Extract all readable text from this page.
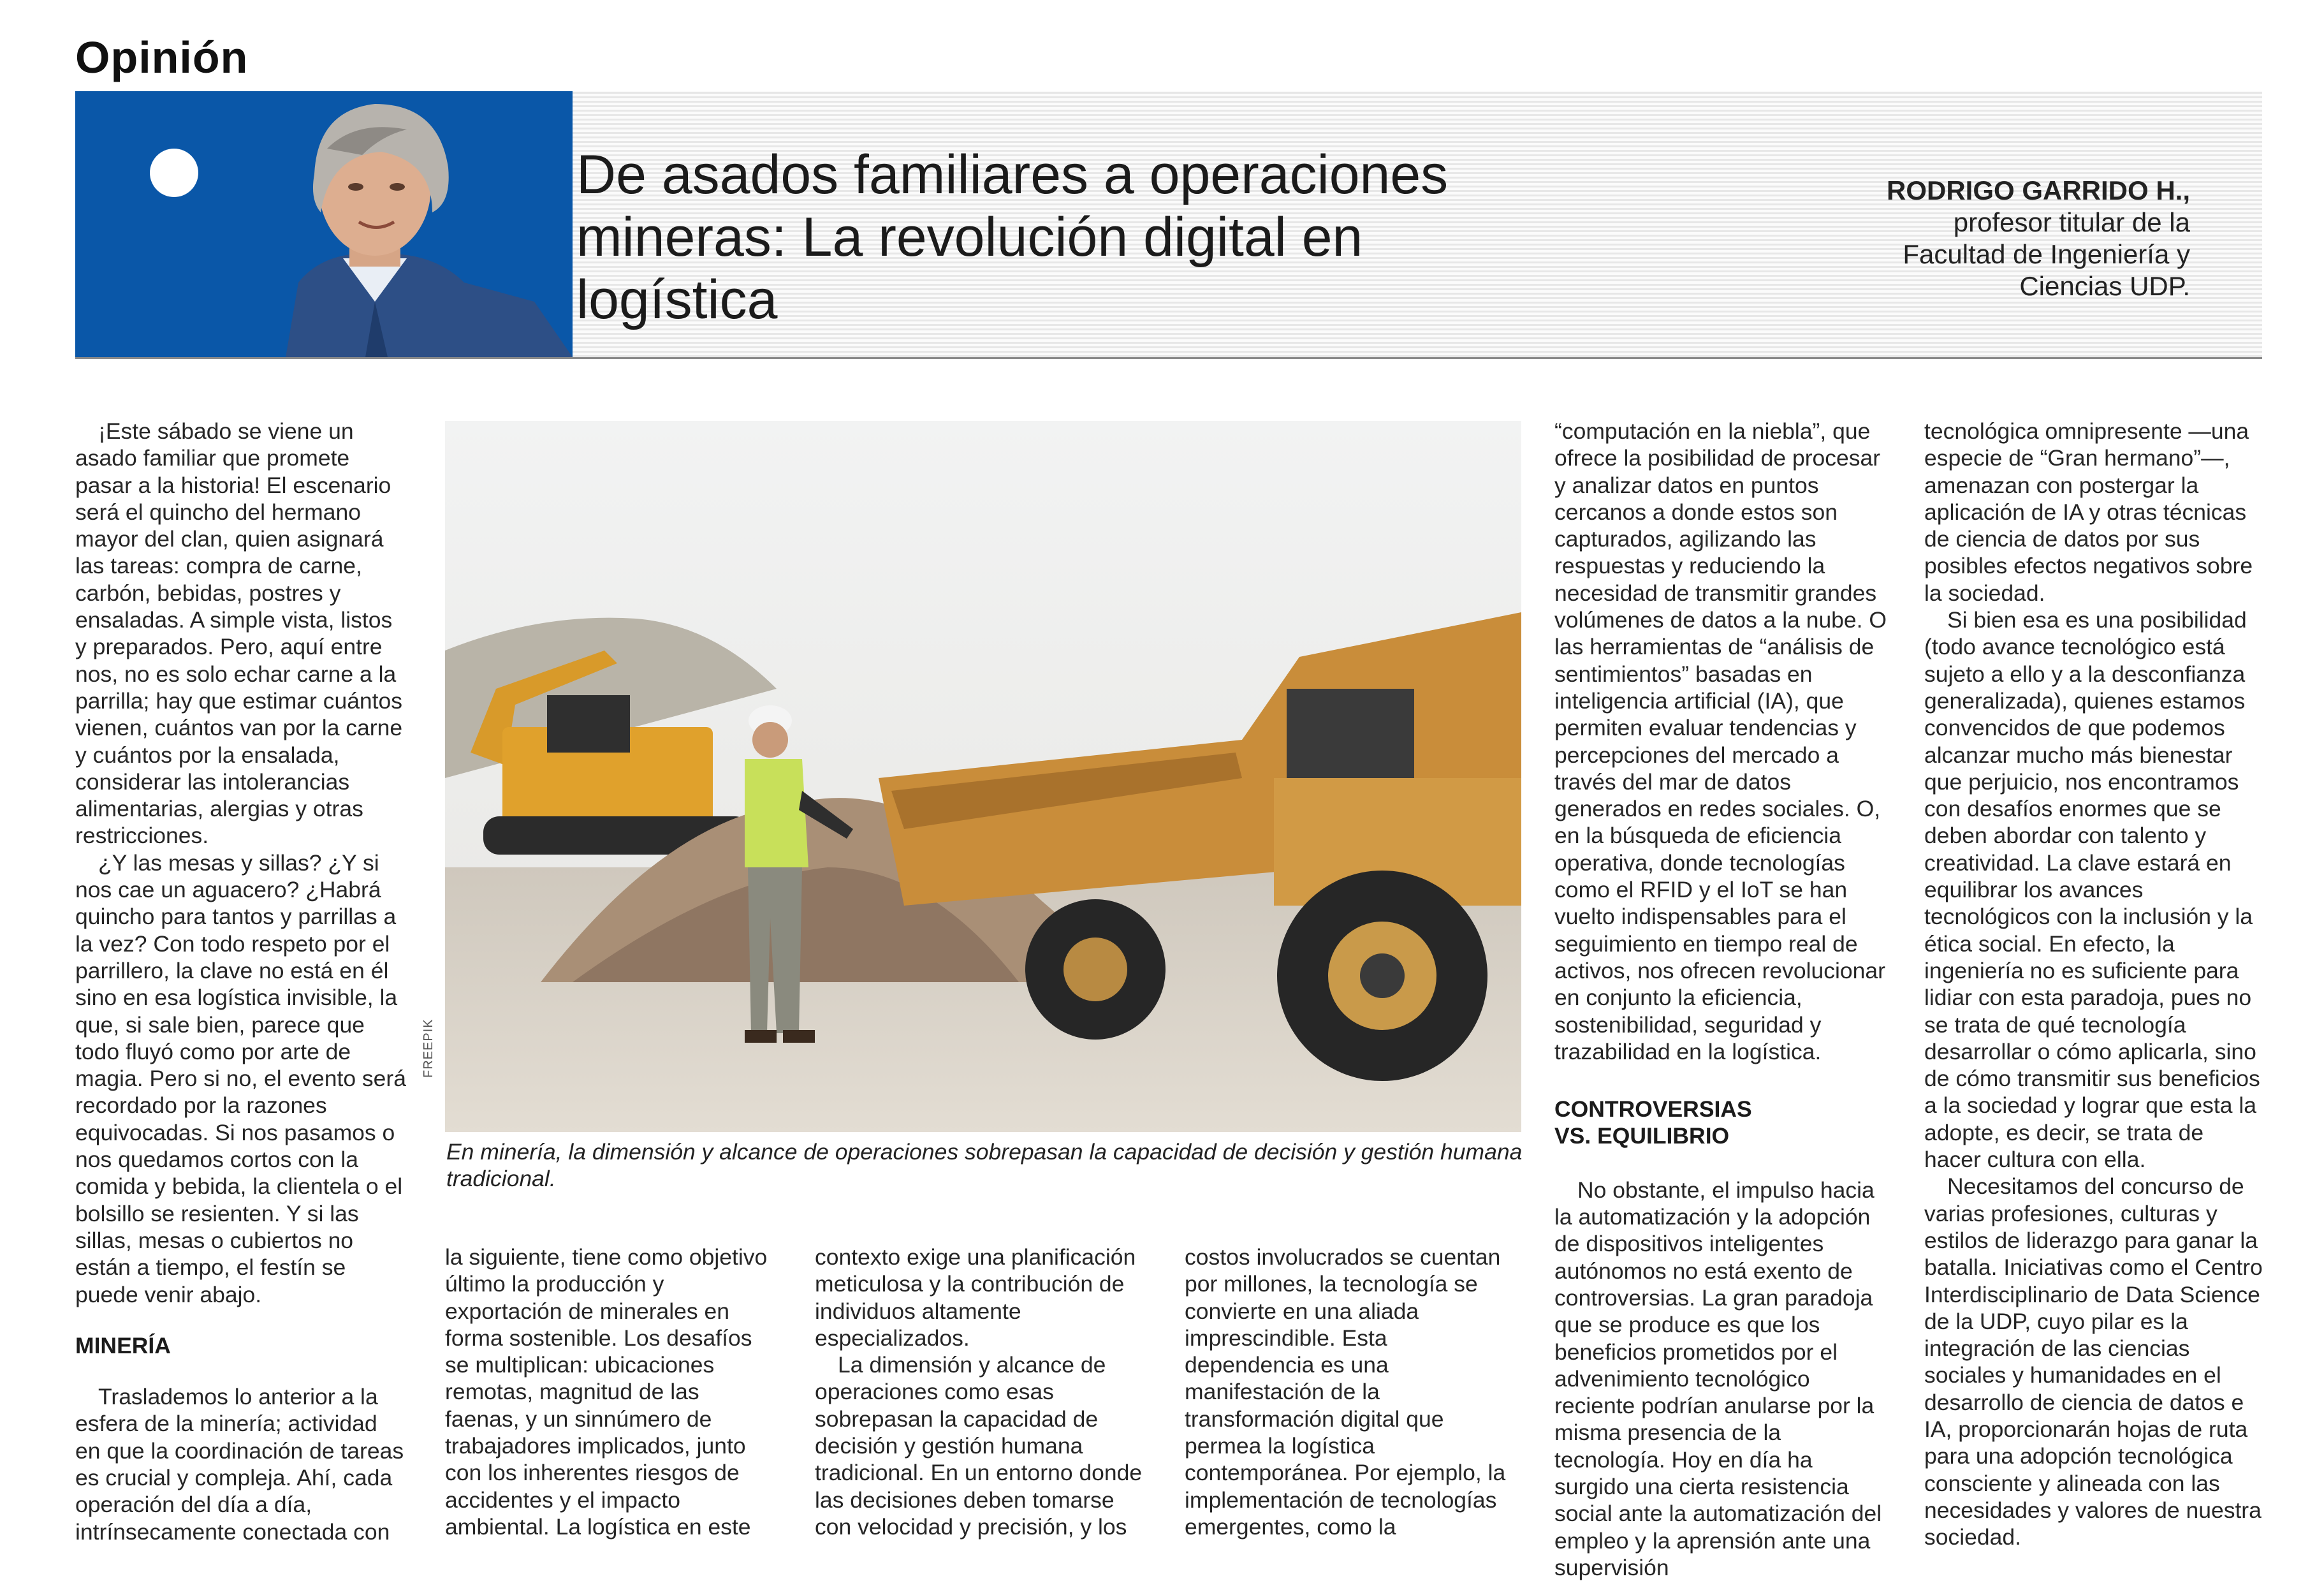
Opinión
De asados familiares a operaciones mineras: La revolución digital en logística
RODRIGO GARRIDO H.,
profesor titular de la Facultad de Ingeniería y Ciencias UDP.

¡Este sábado se viene un asado familiar que promete pasar a la historia! El escenario será el quincho del hermano mayor del clan, quien asignará las tareas: compra de carne, carbón, bebidas, postres y ensaladas. A simple vista, listos y preparados. Pero, aquí entre nos, no es solo echar carne a la parrilla; hay que estimar cuántos vienen, cuántos van por la carne y cuántos por la ensalada, considerar las intolerancias alimentarias, alergias y otras restricciones.

¿Y las mesas y sillas? ¿Y si nos cae un aguacero? ¿Habrá quincho para tantos y parrillas a la vez? Con todo respeto por el parrillero, la clave no está en él sino en esa logística invisible, la que, si sale bien, parece que todo fluyó como por arte de magia. Pero si no, el evento será recordado por la razones equivocadas. Si nos pasamos o nos quedamos cortos con la comida y bebida, la clientela o el bolsillo se resienten. Y si las sillas, mesas o cubiertos no están a tiempo, el festín se puede venir abajo.

MINERÍA

Traslademos lo anterior a la esfera de la minería; actividad en que la coordinación de tareas es crucial y compleja. Ahí, cada operación del día a día, intrínsecamente conectada con

FREEPIK
En minería, la dimensión y alcance de operaciones sobrepasan la capacidad de decisión y gestión humana tradicional.

la siguiente, tiene como objetivo último la producción y exportación de minerales en forma sostenible. Los desafíos se multiplican: ubicaciones remotas, magnitud de las faenas, y un sinnúmero de trabajadores implicados, junto con los inherentes riesgos de accidentes y el impacto ambiental. La logística en este

contexto exige una planificación meticulosa y la contribución de individuos altamente especializados.

La dimensión y alcance de operaciones como esas sobrepasan la capacidad de decisión y gestión humana tradicional. En un entorno donde las decisiones deben tomarse con velocidad y precisión, y los

costos involucrados se cuentan por millones, la tecnología se convierte en una aliada imprescindible. Esta dependencia es una manifestación de la transformación digital que permea la logística contemporánea. Por ejemplo, la implementación de tecnologías emergentes, como la

“computación en la niebla”, que ofrece la posibilidad de procesar y analizar datos en puntos cercanos a donde estos son capturados, agilizando las respuestas y reduciendo la necesidad de transmitir grandes volúmenes de datos a la nube. O las herramientas de “análisis de sentimientos” basadas en inteligencia artificial (IA), que permiten evaluar tendencias y percepciones del mercado a través del mar de datos generados en redes sociales. O, en la búsqueda de eficiencia operativa, donde tecnologías como el RFID y el IoT se han vuelto indispensables para el seguimiento en tiempo real de activos, nos ofrecen revolucionar en conjunto la eficiencia, sostenibilidad, seguridad y trazabilidad en la logística.

CONTROVERSIAS

VS. EQUILIBRIO

No obstante, el impulso hacia la automatización y la adopción de dispositivos inteligentes autónomos no está exento de controversias. La gran paradoja que se produce es que los beneficios prometidos por el advenimiento tecnológico reciente podrían anularse por la misma presencia de la tecnología. Hoy en día ha surgido una cierta resistencia social ante la automatización del empleo y la aprensión ante una supervisión

tecnológica omnipresente —una especie de “Gran hermano”—, amenazan con postergar la aplicación de IA y otras técnicas de ciencia de datos por sus posibles efectos negativos sobre la sociedad.

Si bien esa es una posibilidad (todo avance tecnológico está sujeto a ello y a la desconfianza generalizada), quienes estamos convencidos de que podemos alcanzar mucho más bienestar que perjuicio, nos encontramos con desafíos enormes que se deben abordar con talento y creatividad. La clave estará en equilibrar los avances tecnológicos con la inclusión y la ética social. En efecto, la ingeniería no es suficiente para lidiar con esta paradoja, pues no se trata de qué tecnología desarrollar o cómo aplicarla, sino de cómo transmitir sus beneficios a la sociedad y lograr que esta la adopte, es decir, se trata de hacer cultura con ella.

Necesitamos del concurso de varias profesiones, culturas y estilos de liderazgo para ganar la batalla. Iniciativas como el Centro Interdisciplinario de Data Science de la UDP, cuyo pilar es la integración de las ciencias sociales y humanidades en el desarrollo de ciencia de datos e IA, proporcionarán hojas de ruta para una adopción tecnológica consciente y alineada con las necesidades y valores de nuestra sociedad.
